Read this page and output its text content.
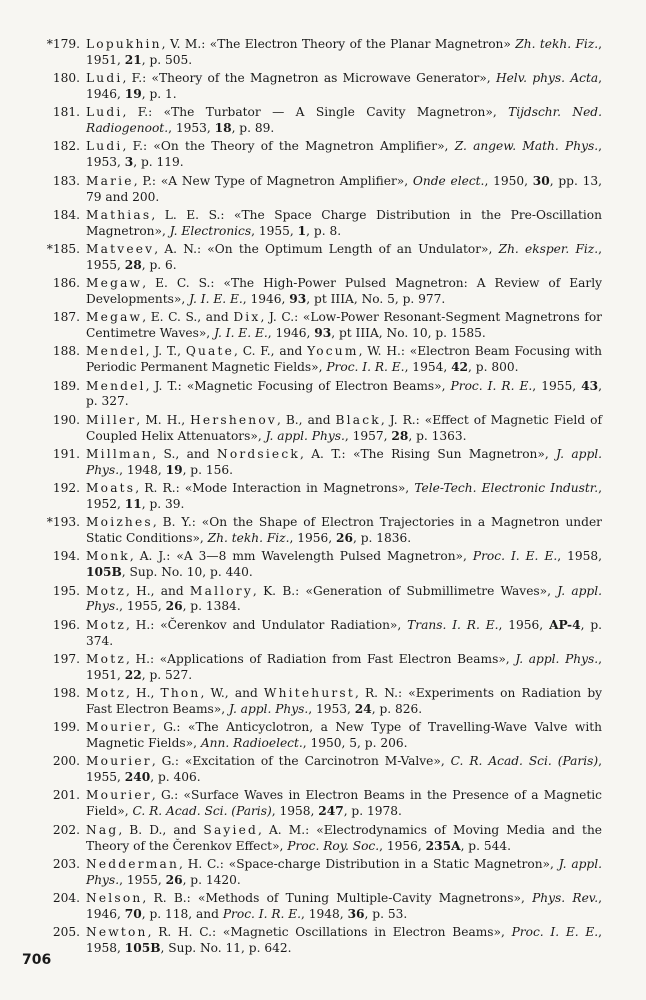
*179. Lopukhin, V. M.: «The Electron Theory of the Planar Magnetron» Zh. tekh. Fiz., 1951, 21, p. 505.
180. Ludi, F.: «Theory of the Magnetron as Microwave Generator», Helv. phys. Acta, 1946, 19, p. 1.
181. Ludi, F.: «The Turbator — A Single Cavity Magnetron», Tijdschr. Ned. Radiogenoot., 1953, 18, p. 89.
182. Ludi, F.: «On the Theory of the Magnetron Amplifier», Z. angew. Math. Phys., 1953, 3, p. 119.
183. Marie, P.: «A New Type of Magnetron Amplifier», Onde elect., 1950, 30, pp. 13, 79 and 200.
184. Mathias, L. E. S.: «The Space Charge Distribution in the Pre-Oscillation Magnetron», J. Electronics, 1955, 1, p. 8.
*185. Matveev, A. N.: «On the Optimum Length of an Undulator», Zh. eksper. Fiz., 1955, 28, p. 6.
186. Megaw, E. C. S.: «The High-Power Pulsed Magnetron: A Review of Early Developments», J. I. E. E., 1946, 93, pt IIIA, No. 5, p. 977.
187. Megaw, E. C. S., and Dix, J. C.: «Low-Power Resonant-Segment Magnetrons for Centimetre Waves», J. I. E. E., 1946, 93, pt IIIA, No. 10, p. 1585.
188. Mendel, J. T., Quate, C. F., and Yocum, W. H.: «Electron Beam Focusing with Periodic Permanent Magnetic Fields», Proc. I. R. E., 1954, 42, p. 800.
189. Mendel, J. T.: «Magnetic Focusing of Electron Beams», Proc. I. R. E., 1955, 43, p. 327.
190. Miller, M. H., Hershenov, B., and Black, J. R.: «Effect of Magnetic Field of Coupled Helix Attenuators», J. appl. Phys., 1957, 28, p. 1363.
191. Millman, S., and Nordsieck, A. T.: «The Rising Sun Magnetron», J. appl. Phys., 1948, 19, p. 156.
192. Moats, R. R.: «Mode Interaction in Magnetrons», Tele-Tech. Electronic Industr., 1952, 11, p. 39.
*193. Moizhes, B. Y.: «On the Shape of Electron Trajectories in a Magnetron under Static Conditions», Zh. tekh. Fiz., 1956, 26, p. 1836.
194. Monk, A. J.: «A 3—8 mm Wavelength Pulsed Magnetron», Proc. I. E. E., 1958, 105B, Sup. No. 10, p. 440.
195. Motz, H., and Mallory, K. B.: «Generation of Submillimetre Waves», J. appl. Phys., 1955, 26, p. 1384.
196. Motz, H.: «Čerenkov and Undulator Radiation», Trans. I. R. E., 1956, AP-4, p. 374.
197. Motz, H.: «Applications of Radiation from Fast Electron Beams», J. appl. Phys., 1951, 22, p. 527.
198. Motz, H., Thon, W., and Whitehurst, R. N.: «Experiments on Radiation by Fast Electron Beams», J. appl. Phys., 1953, 24, p. 826.
199. Mourier, G.: «The Anticyclotron, a New Type of Travelling-Wave Valve with Magnetic Fields», Ann. Radioelect., 1950, 5, p. 206.
200. Mourier, G.: «Excitation of the Carcinotron M-Valve», C. R. Acad. Sci. (Paris), 1955, 240, p. 406.
201. Mourier, G.: «Surface Waves in Electron Beams in the Presence of a Magnetic Field», C. R. Acad. Sci. (Paris), 1958, 247, p. 1978.
202. Nag, B. D., and Sayied, A. M.: «Electrodynamics of Moving Media and the Theory of the Čerenkov Effect», Proc. Roy. Soc., 1956, 235A, p. 544.
203. Nedderman, H. C.: «Space-charge Distribution in a Static Magnetron», J. appl. Phys., 1955, 26, p. 1420.
204. Nelson, R. B.: «Methods of Tuning Multiple-Cavity Magnetrons», Phys. Rev., 1946, 70, p. 118, and Proc. I. R. E., 1948, 36, p. 53.
205. Newton, R. H. C.: «Magnetic Oscillations in Electron Beams», Proc. I. E. E., 1958, 105B, Sup. No. 11, p. 642.
706
